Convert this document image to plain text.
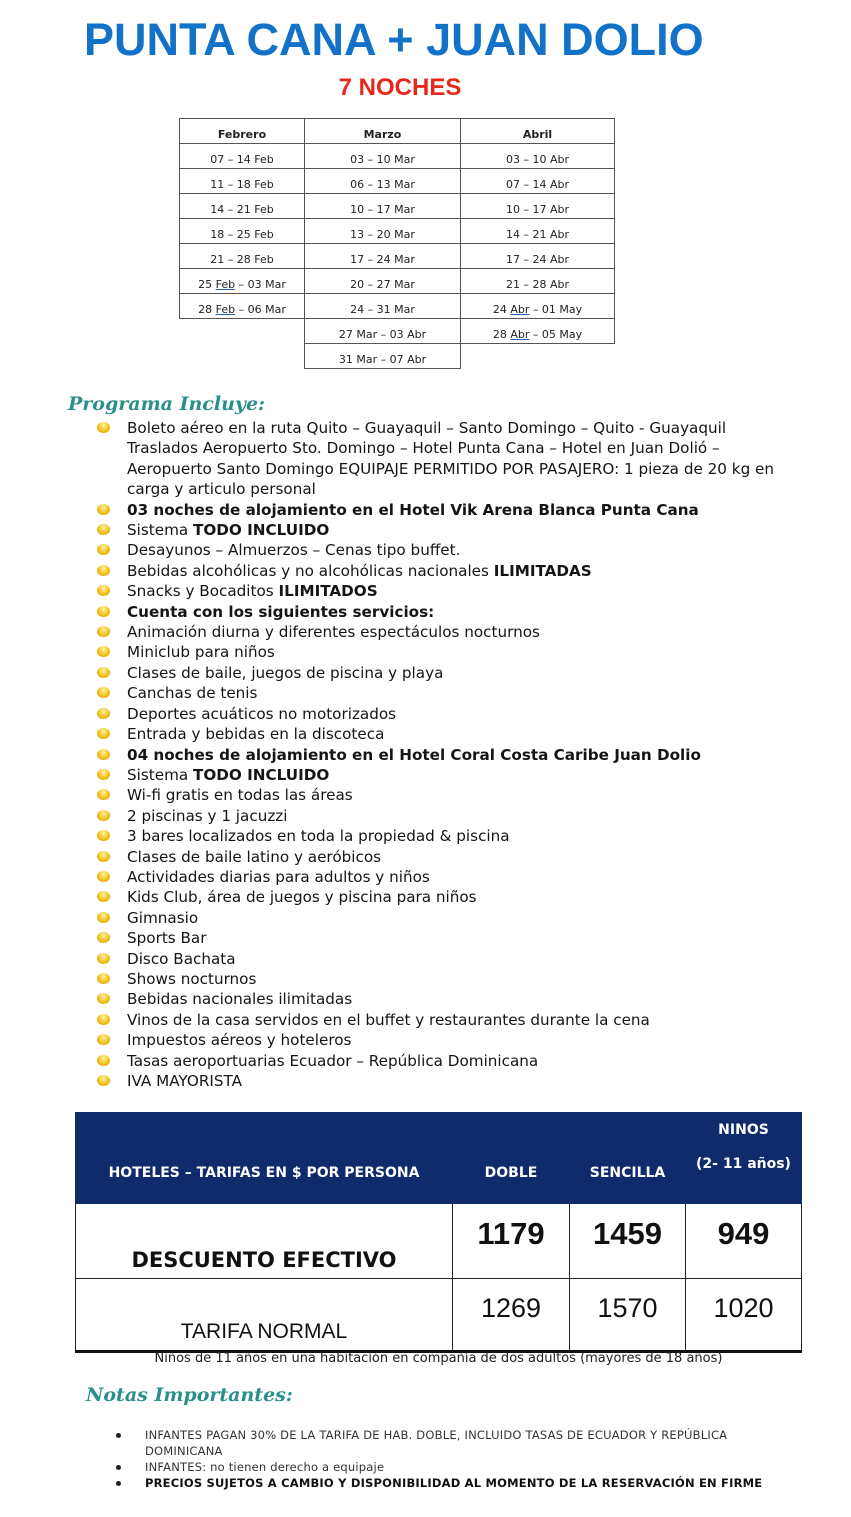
PUNTA CANA + JUAN DOLIO
7 NOCHES
Febrero	Marzo	Abril
07 – 14 Feb	03 – 10 Mar	03 – 10 Abr
11 – 18 Feb	06 – 13 Mar	07 – 14 Abr
14 – 21 Feb	10 – 17 Mar	10 – 17 Abr
18 – 25 Feb	13 – 20 Mar	14 – 21 Abr
21 – 28 Feb	17 – 24 Mar	17 – 24 Abr
25 Feb – 03 Mar	20 – 27 Mar	21 – 28 Abr
28 Feb – 06 Mar	24 – 31 Mar	24 Abr – 01 May
	27 Mar – 03 Abr	28 Abr – 05 May
	31 Mar – 07 Abr	
Programa Incluye:
Boleto aéreo en la ruta Quito – Guayaquil – Santo Domingo – Quito - Guayaquil
Traslados Aeropuerto Sto. Domingo – Hotel Punta Cana – Hotel en Juan Dolió – Aeropuerto Santo Domingo EQUIPAJE PERMITIDO POR PASAJERO: 1 pieza de 20 kg en carga y articulo personal
03 noches de alojamiento en el Hotel Vik Arena Blanca Punta Cana
Sistema TODO INCLUIDO
Desayunos – Almuerzos – Cenas tipo buffet.
Bebidas alcohólicas y no alcohólicas nacionales ILIMITADAS
Snacks y Bocaditos ILIMITADOS
Cuenta con los siguientes servicios:
Animación diurna y diferentes espectáculos nocturnos
Miniclub para niños
Clases de baile, juegos de piscina y playa
Canchas de tenis
Deportes acuáticos no motorizados
Entrada y bebidas en la discoteca
04 noches de alojamiento en el Hotel Coral Costa Caribe Juan Dolio
Sistema TODO INCLUIDO
Wi-fi gratis en todas las áreas
2 piscinas y 1 jacuzzi
3 bares localizados en toda la propiedad & piscina
Clases de baile latino y aeróbicos
Actividades diarias para adultos y niños
Kids Club, área de juegos y piscina para niños
Gimnasio
Sports Bar
Disco Bachata
Shows nocturnos
Bebidas nacionales ilimitadas
Vinos de la casa servidos en el buffet y restaurantes durante la cena
Impuestos aéreos y hoteleros
Tasas aeroportuarias Ecuador – República Dominicana
IVA MAYORISTA
HOTELES – TARIFAS EN $ POR PERSONA	DOBLE	SENCILLA	NINOS
(2- 11 años)
DESCUENTO EFECTIVO	1179	1459	949
TARIFA NORMAL	1269	1570	1020
Niños de 11 años en una habitación en compañía de dos adultos (mayores de 18 años)
Notas Importantes:
INFANTES PAGAN 30% DE LA TARIFA DE HAB. DOBLE, INCLUIDO TASAS DE ECUADOR Y REPÚBLICA DOMINICANA
INFANTES: no tienen derecho a equipaje
PRECIOS SUJETOS A CAMBIO Y DISPONIBILIDAD AL MOMENTO DE LA RESERVACIÓN EN FIRME
